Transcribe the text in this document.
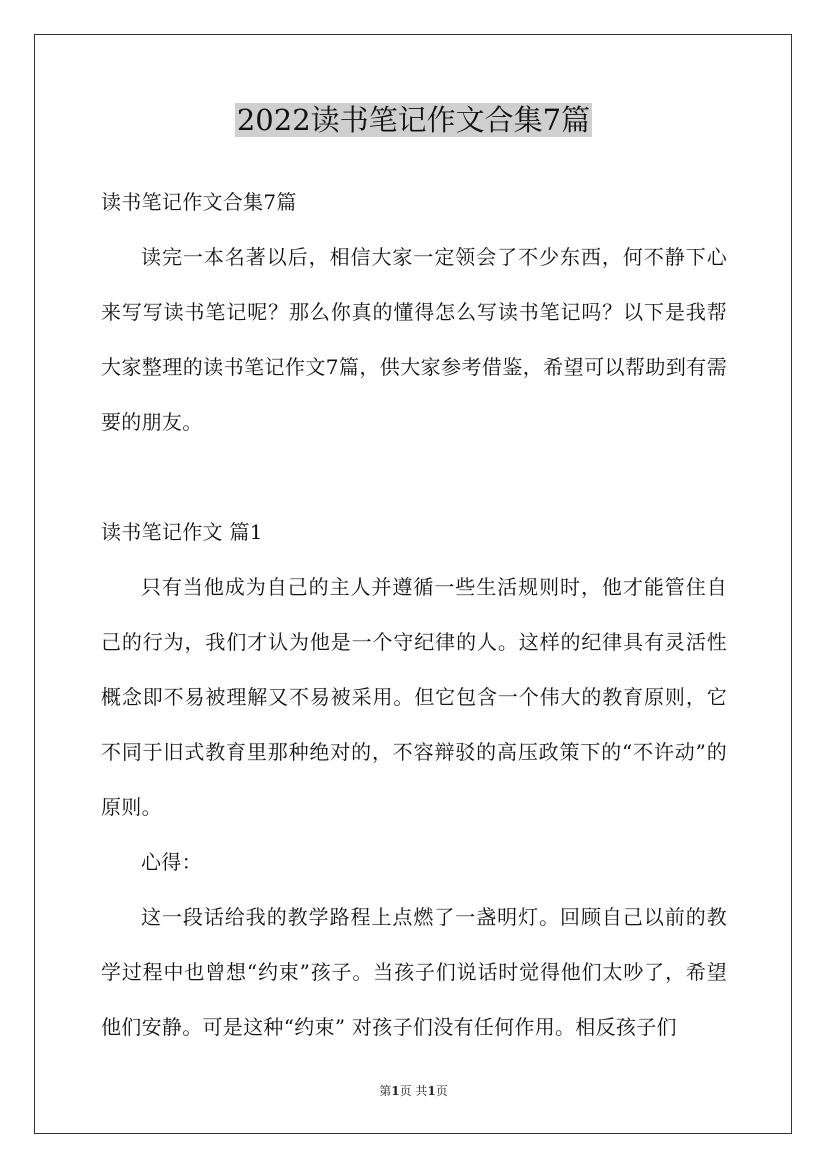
2022读书笔记作文合集7篇

读书笔记作文合集7篇

读完一本名著以后，相信大家一定领会了不少东西，何不静下心来写写读书笔记呢？那么你真的懂得怎么写读书笔记吗？以下是我帮大家整理的读书笔记作文7篇，供大家参考借鉴，希望可以帮助到有需要的朋友。

读书笔记作文 篇1

只有当他成为自己的主人并遵循一些生活规则时，他才能管住自己的行为，我们才认为他是一个守纪律的人。这样的纪律具有灵活性概念即不易被理解又不易被采用。但它包含一个伟大的教育原则，它不同于旧式教育里那种绝对的，不容辩驳的高压政策下的“不许动”的原则。

心得：

这一段话给我的教学路程上点燃了一盏明灯。回顾自己以前的教学过程中也曾想“约束”孩子。当孩子们说话时觉得他们太吵了，希望他们安静。可是这种“约束” 对孩子们没有任何作用。相反孩子们

第1页 共1页
